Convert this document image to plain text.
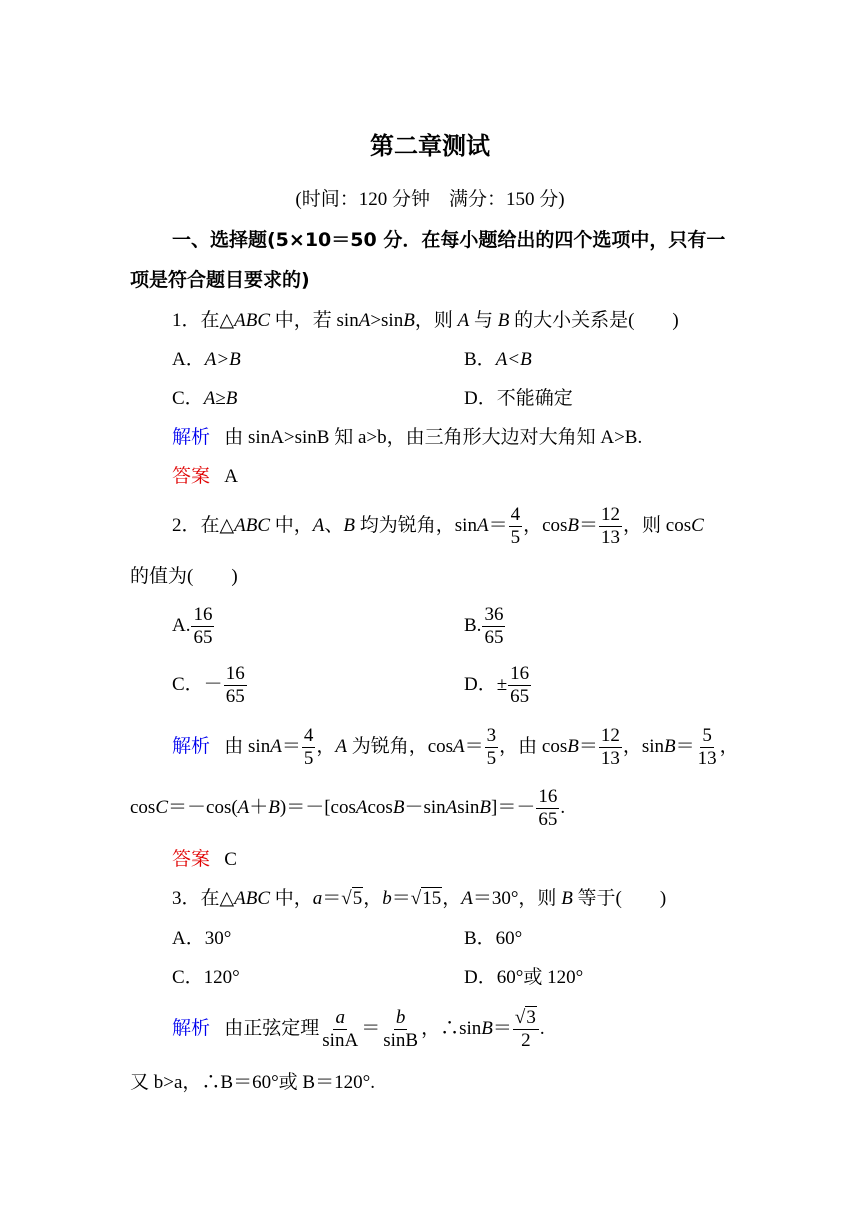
第二章测试
(时间：120 分钟　满分：150 分)
一、选择题(5×10＝50 分．在每小题给出的四个选项中，只有一
项是符合题目要求的)
1．在△ABC 中，若 sinA>sinB，则 A 与 B 的大小关系是(　　)
A．A>B	B．A<B
C．A≥B	D．不能确定
解析 由 sinA>sinB 知 a>b，由三角形大边对大角知 A>B.
答案 A
2．在△ABC 中，A、B 均为锐角，$\sin A= \frac{4}{5}$ ，$\cos B= \frac{12}{13}$ ，则 cosC
的值为(　　)
A. $\frac{16}{65}$	B. $\frac{36}{65}$
C．－ $\frac{16}{65}$	D．± $\frac{16}{65}$
解析 由 $\sin A= \frac{4}{5}$ ，A 为锐角，$\cos A= \frac{3}{5}$ ，由 $\cos B= \frac{12}{13}$ ，$\sin B= \frac{5}{13}$ ，
cosC＝－cos(A＋B)＝－[cosAcosB－sinAsinB]＝－ $\frac{16}{65}$ .
答案 C
3．在△ABC 中，a＝√5，b＝√15，A＝30°，则 B 等于(　　)
A．30°	B．60°
C．120°	D．60°或 120°
解析 由正弦定理 $\frac{a}{\sin A} = \frac{b}{\sin B}$ ，∴sinB＝ $\frac{√3}{2}$ .
又 b>a，∴B＝60°或 B＝120°.
